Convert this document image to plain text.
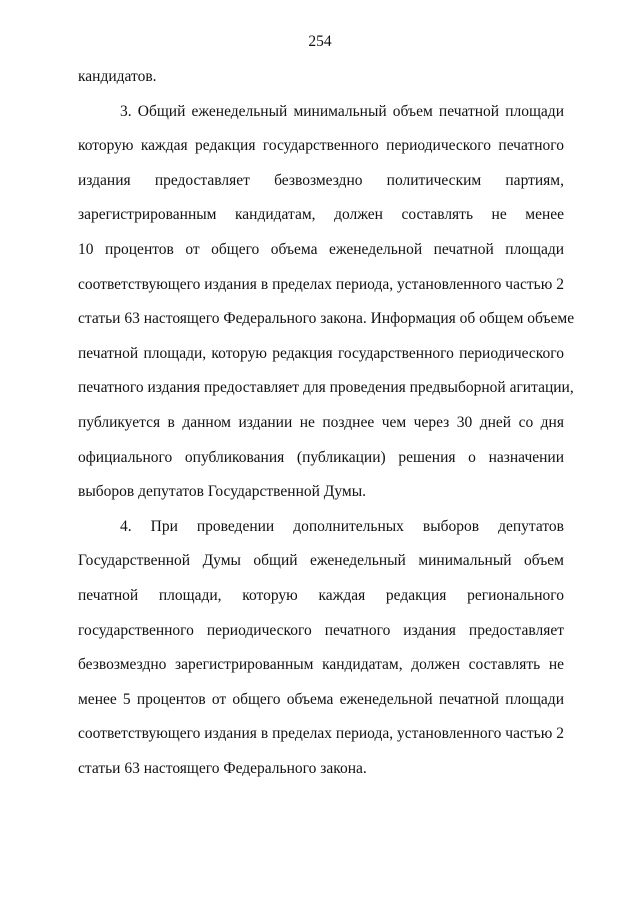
254
кандидатов.
3. Общий еженедельный минимальный объем печатной площади
которую каждая редакция государственного периодического печатного
издания предоставляет безвозмездно политическим партиям,
зарегистрированным кандидатам, должен составлять не менее
10 процентов от общего объема еженедельной печатной площади
соответствующего издания в пределах периода, установленного частью 2
статьи 63 настоящего Федерального закона. Информация об общем объеме
печатной площади, которую редакция государственного периодического
печатного издания предоставляет для проведения предвыборной агитации,
публикуется в данном издании не позднее чем через 30 дней со дня
официального опубликования (публикации) решения о назначении
выборов депутатов Государственной Думы.
4. При проведении дополнительных выборов депутатов
Государственной Думы общий еженедельный минимальный объем
печатной площади, которую каждая редакция регионального
государственного периодического печатного издания предоставляет
безвозмездно зарегистрированным кандидатам, должен составлять не
менее 5 процентов от общего объема еженедельной печатной площади
соответствующего издания в пределах периода, установленного частью 2
статьи 63 настоящего Федерального закона.
